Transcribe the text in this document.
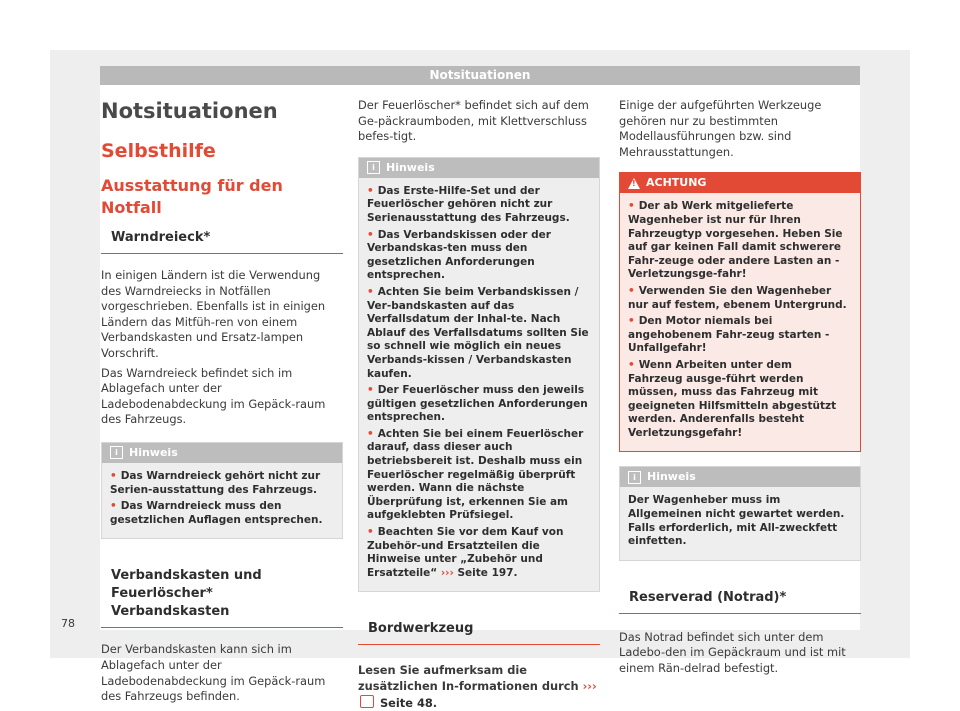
Notsituationen
Notsituationen
Selbsthilfe
Ausstattung für den Notfall
Warndreieck*

In einigen Ländern ist die Verwendung des Warndreiecks in Notfällen vorgeschrieben. Ebenfalls ist in einigen Ländern das Mitfüh-ren von einem Verbandskasten und Ersatz-lampen Vorschrift.

Das Warndreieck befindet sich im Ablagefach unter der Ladebodenabdeckung im Gepäck-raum des Fahrzeugs.

i Hinweis
• Das Warndreieck gehört nicht zur Serien-ausstattung des Fahrzeugs.
• Das Warndreieck muss den gesetzlichen Auflagen entsprechen.
Verbandskasten und Feuerlöscher*
Verbandskasten

Der Verbandskasten kann sich im Ablagefach unter der Ladebodenabdeckung im Gepäck-raum des Fahrzeugs befinden.

Der Feuerlöscher* befindet sich auf dem Ge-päckraumboden, mit Klettverschluss befes-tigt.

i Hinweis
• Das Erste-Hilfe-Set und der Feuerlöscher gehören nicht zur Serienausstattung des Fahrzeugs.
• Das Verbandskissen oder der Verbandskas-ten muss den gesetzlichen Anforderungen entsprechen.
• Achten Sie beim Verbandskissen / Ver-bandskasten auf das Verfallsdatum der Inhal-te. Nach Ablauf des Verfallsdatums sollten Sie so schnell wie möglich ein neues Verbands-kissen / Verbandskasten kaufen.
• Der Feuerlöscher muss den jeweils gültigen gesetzlichen Anforderungen entsprechen.
• Achten Sie bei einem Feuerlöscher darauf, dass dieser auch betriebsbereit ist. Deshalb muss ein Feuerlöscher regelmäßig überprüft werden. Wann die nächste Überprüfung ist, erkennen Sie am aufgeklebten Prüfsiegel.
• Beachten Sie vor dem Kauf von Zubehör-und Ersatzteilen die Hinweise unter „Zubehör und Ersatzteile“ ››› Seite 197.
Bordwerkzeug

Lesen Sie aufmerksam die zusätzlichen In-formationen durch ›››  Seite 48.

Einige der aufgeführten Werkzeuge gehören nur zu bestimmten Modellausführungen bzw. sind Mehrausstattungen.

! ACHTUNG
• Der ab Werk mitgelieferte Wagenheber ist nur für Ihren Fahrzeugtyp vorgesehen. Heben Sie auf gar keinen Fall damit schwerere Fahr-zeuge oder andere Lasten an - Verletzungsge-fahr!
• Verwenden Sie den Wagenheber nur auf festem, ebenem Untergrund.
• Den Motor niemals bei angehobenem Fahr-zeug starten - Unfallgefahr!
• Wenn Arbeiten unter dem Fahrzeug ausge-führt werden müssen, muss das Fahrzeug mit geeigneten Hilfsmitteln abgestützt werden. Anderenfalls besteht Verletzungsgefahr!
i Hinweis
Der Wagenheber muss im Allgemeinen nicht gewartet werden. Falls erforderlich, mit All-zweckfett einfetten.
Reserverad (Notrad)*

Das Notrad befindet sich unter dem Ladebo-den im Gepäckraum und ist mit einem Rän-delrad befestigt.

78
